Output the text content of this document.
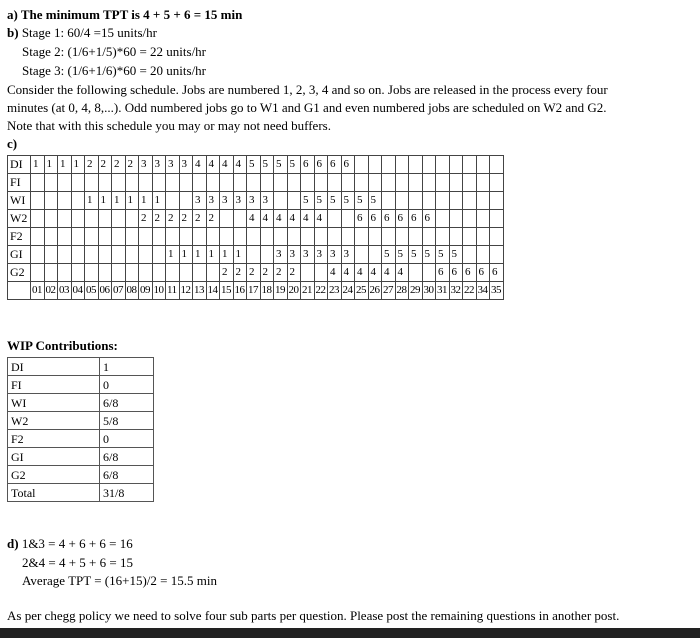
a) The minimum TPT is 4 + 5 + 6 = 15 min
b) Stage 1: 60/4 =15 units/hr
Stage 2: (1/6+1/5)*60 = 22 units/hr
Stage 3: (1/6+1/6)*60 = 20 units/hr
Consider the following schedule. Jobs are numbered 1, 2, 3, 4 and so on. Jobs are released in the process every four
minutes (at 0, 4, 8,...). Odd numbered jobs go to W1 and G1 and even numbered jobs are scheduled on W2 and G2.
Note that with this schedule you may or may not need buffers.
c)
DI	1	1	1	1	2	2	2	2	3	3	3	3	4	4	4	4	5	5	5	5	6	6	6	6											
FI																																			
WI					1	1	1	1	1	1			3	3	3	3	3	3			5	5	5	5	5	5									
W2									2	2	2	2	2	2			4	4	4	4	4	4			6	6	6	6	6	6					
F2																																			
GI											1	1	1	1	1	1			3	3	3	3	3	3			5	5	5	5	5	5			
G2															2	2	2	2	2	2			4	4	4	4	4	4			6	6	6	6	6
	01	02	03	04	05	06	07	08	09	10	11	12	13	14	15	16	17	18	19	20	21	22	23	24	25	26	27	28	29	30	31	32	22	34	35
WIP Contributions:
DI	1
FI	0
WI	6/8
W2	5/8
F2	0
GI	6/8
G2	6/8
Total	31/8
d) 1&3 = 4 + 6 + 6 = 16
2&4 = 4 + 5 + 6 = 15
Average TPT = (16+15)/2 = 15.5 min
As per chegg policy we need to solve four sub parts per question. Please post the remaining questions in another post.
